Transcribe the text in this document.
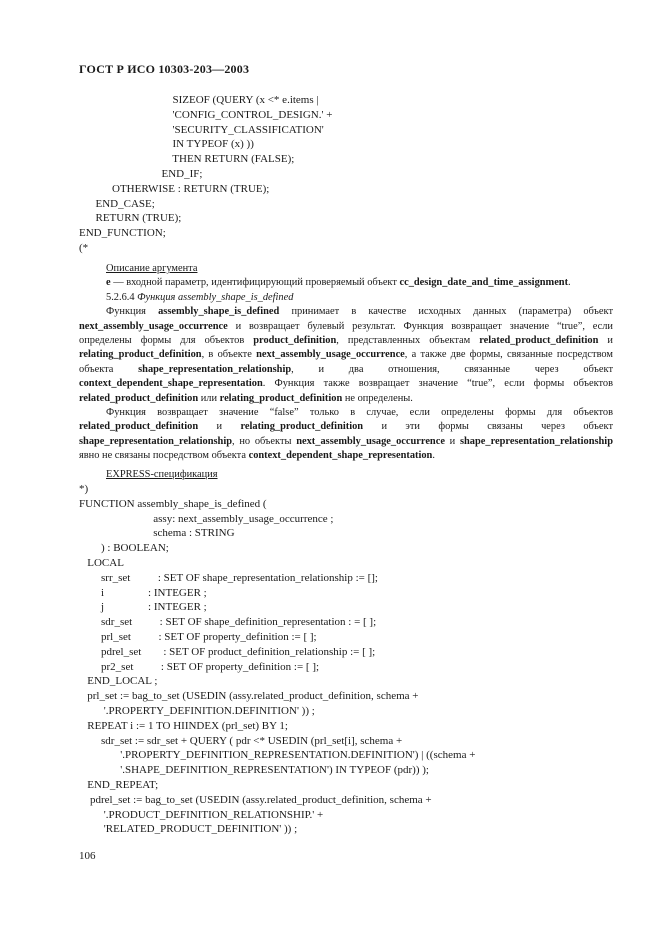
ГОСТ Р ИСО 10303-203—2003
SIZEOF (QUERY (x <* e.items |
'CONFIG_CONTROL_DESIGN.' +
'SECURITY_CLASSIFICATION'
IN TYPEOF (x) ))
THEN RETURN (FALSE);
END_IF;
OTHERWISE : RETURN (TRUE);
END_CASE;
RETURN (TRUE);
END_FUNCTION;
(*

Описание аргумента

e — входной параметр, идентифицирующий проверяемый объект cc_design_date_and_time_assignment.

5.2.6.4 Функция assembly_shape_is_defined

Функция assembly_shape_is_defined принимает в качестве исходных данных (параметра) объект next_assembly_usage_occurrence и возвращает булевый результат. Функция возвращает значение “true”, если определены формы для объектов product_definition, представленных объектам related_product_definition и relating_product_definition, в объекте next_assembly_usage_occurrence, а также две формы, связанные посредством объекта shape_representation_relationship, и два отношения, связанные через объект context_dependent_shape_representation. Функция также возвращает значение “true”, если формы объектов related_product_definition или relating_product_definition не определены.

Функция возвращает значение “false” только в случае, если определены формы для объектов related_product_definition и relating_product_definition и эти формы связаны через объект shape_representation_relationship, но объекты next_assembly_usage_occurrence и shape_representation_relationship явно не связаны посредством объекта context_dependent_shape_representation.

EXPRESS-спецификация

*)
FUNCTION assembly_shape_is_defined (
assy: next_assembly_usage_occurrence ;
schema : STRING
) : BOOLEAN;
LOCAL
srr_set          : SET OF shape_representation_relationship := [];
i                : INTEGER ;
j                : INTEGER ;
sdr_set          : SET OF shape_definition_representation : = [ ];
prl_set          : SET OF property_definition := [ ];
pdrel_set        : SET OF product_definition_relationship := [ ];
pr2_set          : SET OF property_definition := [ ];
END_LOCAL ;
prl_set := bag_to_set (USEDIN (assy.related_product_definition, schema +
'.PROPERTY_DEFINITION.DEFINITION' )) ;
REPEAT i := 1 TO HIINDEX (prl_set) BY 1;
sdr_set := sdr_set + QUERY ( pdr <* USEDIN (prl_set[i], schema +
'.PROPERTY_DEFINITION_REPRESENTATION.DEFINITION') | ((schema +
'.SHAPE_DEFINITION_REPRESENTATION') IN TYPEOF (pdr)) );
END_REPEAT;
pdrel_set := bag_to_set (USEDIN (assy.related_product_definition, schema +
'.PRODUCT_DEFINITION_RELATIONSHIP.' +
'RELATED_PRODUCT_DEFINITION' )) ;
106
